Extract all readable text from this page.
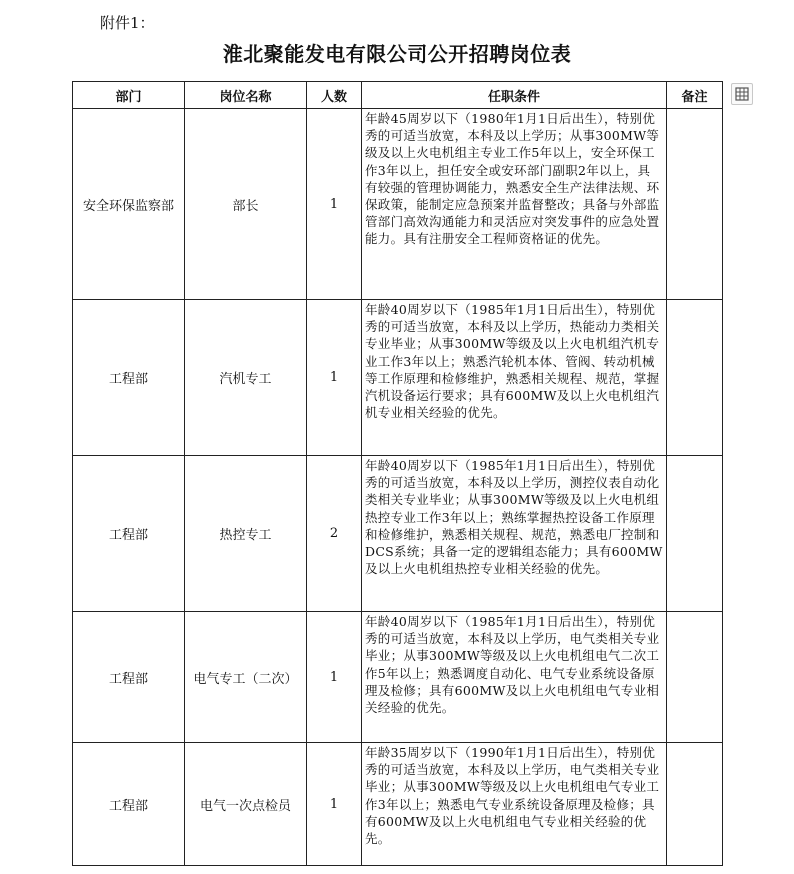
附件1：
淮北聚能发电有限公司公开招聘岗位表
部门	岗位名称	人数	任职条件	备注
安全环保监察部	部长	1	年龄45周岁以下（1980年1月1日后出生），特别优秀的可适当放宽，本科及以上学历；从事300MW等级及以上火电机组主专业工作5年以上，安全环保工作3年以上，担任安全或安环部门副职2年以上，具有较强的管理协调能力，熟悉安全生产法律法规、环保政策，能制定应急预案并监督整改；具备与外部监管部门高效沟通能力和灵活应对突发事件的应急处置能力。具有注册安全工程师资格证的优先。	
工程部	汽机专工	1	年龄40周岁以下（1985年1月1日后出生），特别优秀的可适当放宽，本科及以上学历，热能动力类相关专业毕业；从事300MW等级及以上火电机组汽机专业工作3年以上；熟悉汽轮机本体、管阀、转动机械等工作原理和检修维护，熟悉相关规程、规范，掌握汽机设备运行要求；具有600MW及以上火电机组汽机专业相关经验的优先。	
工程部	热控专工	2	年龄40周岁以下（1985年1月1日后出生），特别优秀的可适当放宽，本科及以上学历，测控仪表自动化类相关专业毕业；从事300MW等级及以上火电机组热控专业工作3年以上；熟练掌握热控设备工作原理和检修维护，熟悉相关规程、规范，熟悉电厂控制和DCS系统；具备一定的逻辑组态能力；具有600MW及以上火电机组热控专业相关经验的优先。	
工程部	电气专工（二次）	1	年龄40周岁以下（1985年1月1日后出生），特别优秀的可适当放宽，本科及以上学历，电气类相关专业毕业；从事300MW等级及以上火电机组电气二次工作5年以上；熟悉调度自动化、电气专业系统设备原理及检修；具有600MW及以上火电机组电气专业相关经验的优先。	
工程部	电气一次点检员	1	年龄35周岁以下（1990年1月1日后出生），特别优秀的可适当放宽，本科及以上学历，电气类相关专业毕业；从事300MW等级及以上火电机组电气专业工作3年以上；熟悉电气专业系统设备原理及检修；具有600MW及以上火电机组电气专业相关经验的优先。	
